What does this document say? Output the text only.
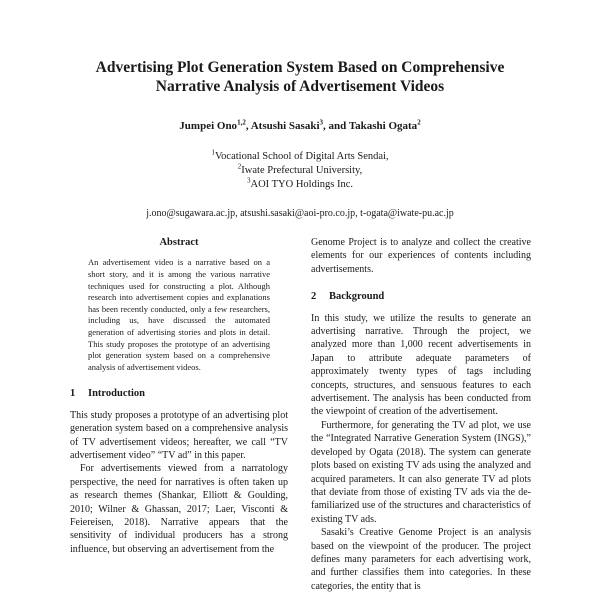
Advertising Plot Generation System Based on Comprehensive
Narrative Analysis of Advertisement Videos
Jumpei Ono$^{1,2}$, Atsushi Sasaki$^3$, and Takashi Ogata$^2$
$^1$Vocational School of Digital Arts Sendai,
$^2$Iwate Prefectural University,
$^3$AOI TYO Holdings Inc.
j.ono@sugawara.ac.jp, atsushi.sasaki@aoi-pro.co.jp, t-ogata@iwate-pu.ac.jp
Abstract
An advertisement video is a narrative based on a short story, and it is among the various narrative techniques used for constructing a plot. Although research into advertisement copies and explanations has been recently conducted, only a few researchers, including us, have discussed the automated generation of advertising stories and plots in detail. This study proposes the prototype of an advertising plot generation system based on a comprehensive analysis of advertisement videos.
1 Introduction

This study proposes a prototype of an advertising plot generation system based on a comprehensive analysis of TV advertisement videos; hereafter, we call “TV advertisement video” “TV ad” in this paper.

For advertisements viewed from a narratology perspective, the need for narratives is often taken up as research themes (Shankar, Elliott & Goulding, 2010; Wilner & Ghassan, 2017; Laer, Visconti & Feiereisen, 2018). Narrative appears that the sensitivity of individual producers has a strong influence, but observing an advertisement from the

Genome Project is to analyze and collect the creative elements for our experiences of contents including advertisements.

2 Background

In this study, we utilize the results to generate an advertising narrative. Through the project, we analyzed more than 1,000 recent advertisements in Japan to attribute adequate parameters of approximately twenty types of tags including concepts, structures, and sensuous features to each advertisement. The analysis has been conducted from the viewpoint of creation of the advertisement.

Furthermore, for generating the TV ad plot, we use the “Integrated Narrative Generation System (INGS),” developed by Ogata (2018). The system can generate plots based on existing TV ads using the analyzed and acquired parameters. It can also generate TV ad plots that deviate from those of existing TV ads via the de-familiarized use of the structures and characteristics of existing TV ads.

Sasaki’s Creative Genome Project is an analysis based on the viewpoint of the producer. The project defines many parameters for each advertising work, and further classifies them into categories. In these categories, the entity that is
